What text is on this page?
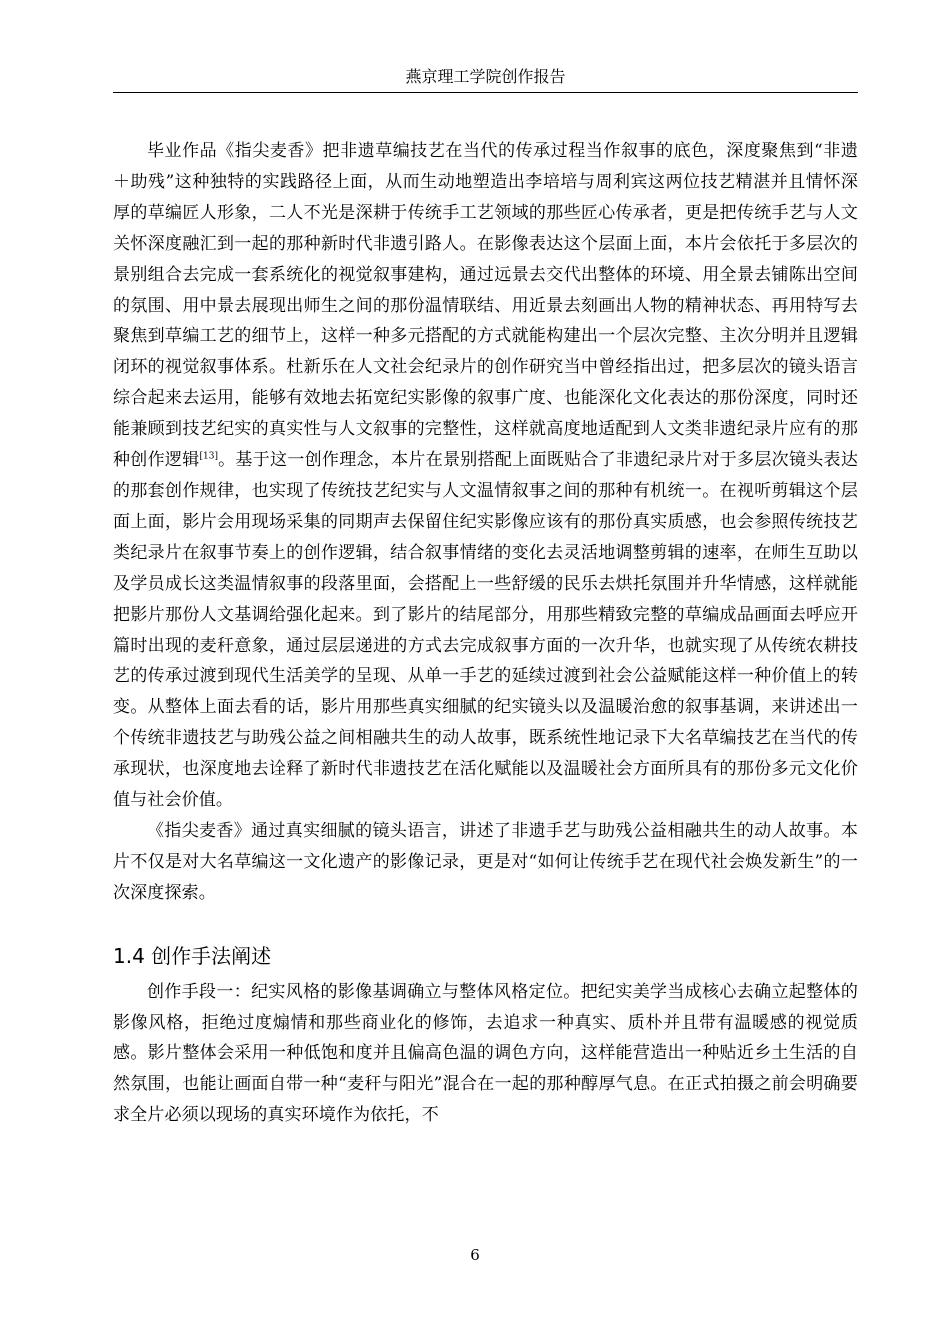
燕京理工学院创作报告

毕业作品《指尖麦香》把非遗草编技艺在当代的传承过程当作叙事的底色，深度聚焦到“非遗＋助残”这种独特的实践路径上面，从而生动地塑造出李培培与周利宾这两位技艺精湛并且情怀深厚的草编匠人形象，二人不光是深耕于传统手工艺领域的那些匠心传承者，更是把传统手艺与人文关怀深度融汇到一起的那种新时代非遗引路人。在影像表达这个层面上面，本片会依托于多层次的景别组合去完成一套系统化的视觉叙事建构，通过远景去交代出整体的环境、用全景去铺陈出空间的氛围、用中景去展现出师生之间的那份温情联结、用近景去刻画出人物的精神状态、再用特写去聚焦到草编工艺的细节上，这样一种多元搭配的方式就能构建出一个层次完整、主次分明并且逻辑闭环的视觉叙事体系。杜新乐在人文社会纪录片的创作研究当中曾经指出过，把多层次的镜头语言综合起来去运用，能够有效地去拓宽纪实影像的叙事广度、也能深化文化表达的那份深度，同时还能兼顾到技艺纪实的真实性与人文叙事的完整性，这样就高度地适配到人文类非遗纪录片应有的那种创作逻辑[13]。基于这一创作理念，本片在景别搭配上面既贴合了非遗纪录片对于多层次镜头表达的那套创作规律，也实现了传统技艺纪实与人文温情叙事之间的那种有机统一。在视听剪辑这个层面上面，影片会用现场采集的同期声去保留住纪实影像应该有的那份真实质感，也会参照传统技艺类纪录片在叙事节奏上的创作逻辑，结合叙事情绪的变化去灵活地调整剪辑的速率，在师生互助以及学员成长这类温情叙事的段落里面，会搭配上一些舒缓的民乐去烘托氛围并升华情感，这样就能把影片那份人文基调给强化起来。到了影片的结尾部分，用那些精致完整的草编成品画面去呼应开篇时出现的麦秆意象，通过层层递进的方式去完成叙事方面的一次升华，也就实现了从传统农耕技艺的传承过渡到现代生活美学的呈现、从单一手艺的延续过渡到社会公益赋能这样一种价值上的转变。从整体上面去看的话，影片用那些真实细腻的纪实镜头以及温暖治愈的叙事基调，来讲述出一个传统非遗技艺与助残公益之间相融共生的动人故事，既系统性地记录下大名草编技艺在当代的传承现状，也深度地去诠释了新时代非遗技艺在活化赋能以及温暖社会方面所具有的那份多元文化价值与社会价值。

《指尖麦香》通过真实细腻的镜头语言，讲述了非遗手艺与助残公益相融共生的动人故事。本片不仅是对大名草编这一文化遗产的影像记录，更是对“如何让传统手艺在现代社会焕发新生”的一次深度探索。

1.4 创作手法阐述

创作手段一：纪实风格的影像基调确立与整体风格定位。把纪实美学当成核心去确立起整体的影像风格，拒绝过度煽情和那些商业化的修饰，去追求一种真实、质朴并且带有温暖感的视觉质感。影片整体会采用一种低饱和度并且偏高色温的调色方向，这样能营造出一种贴近乡土生活的自然氛围，也能让画面自带一种“麦秆与阳光”混合在一起的那种醇厚气息。在正式拍摄之前会明确要求全片必须以现场的真实环境作为依托，不

6
